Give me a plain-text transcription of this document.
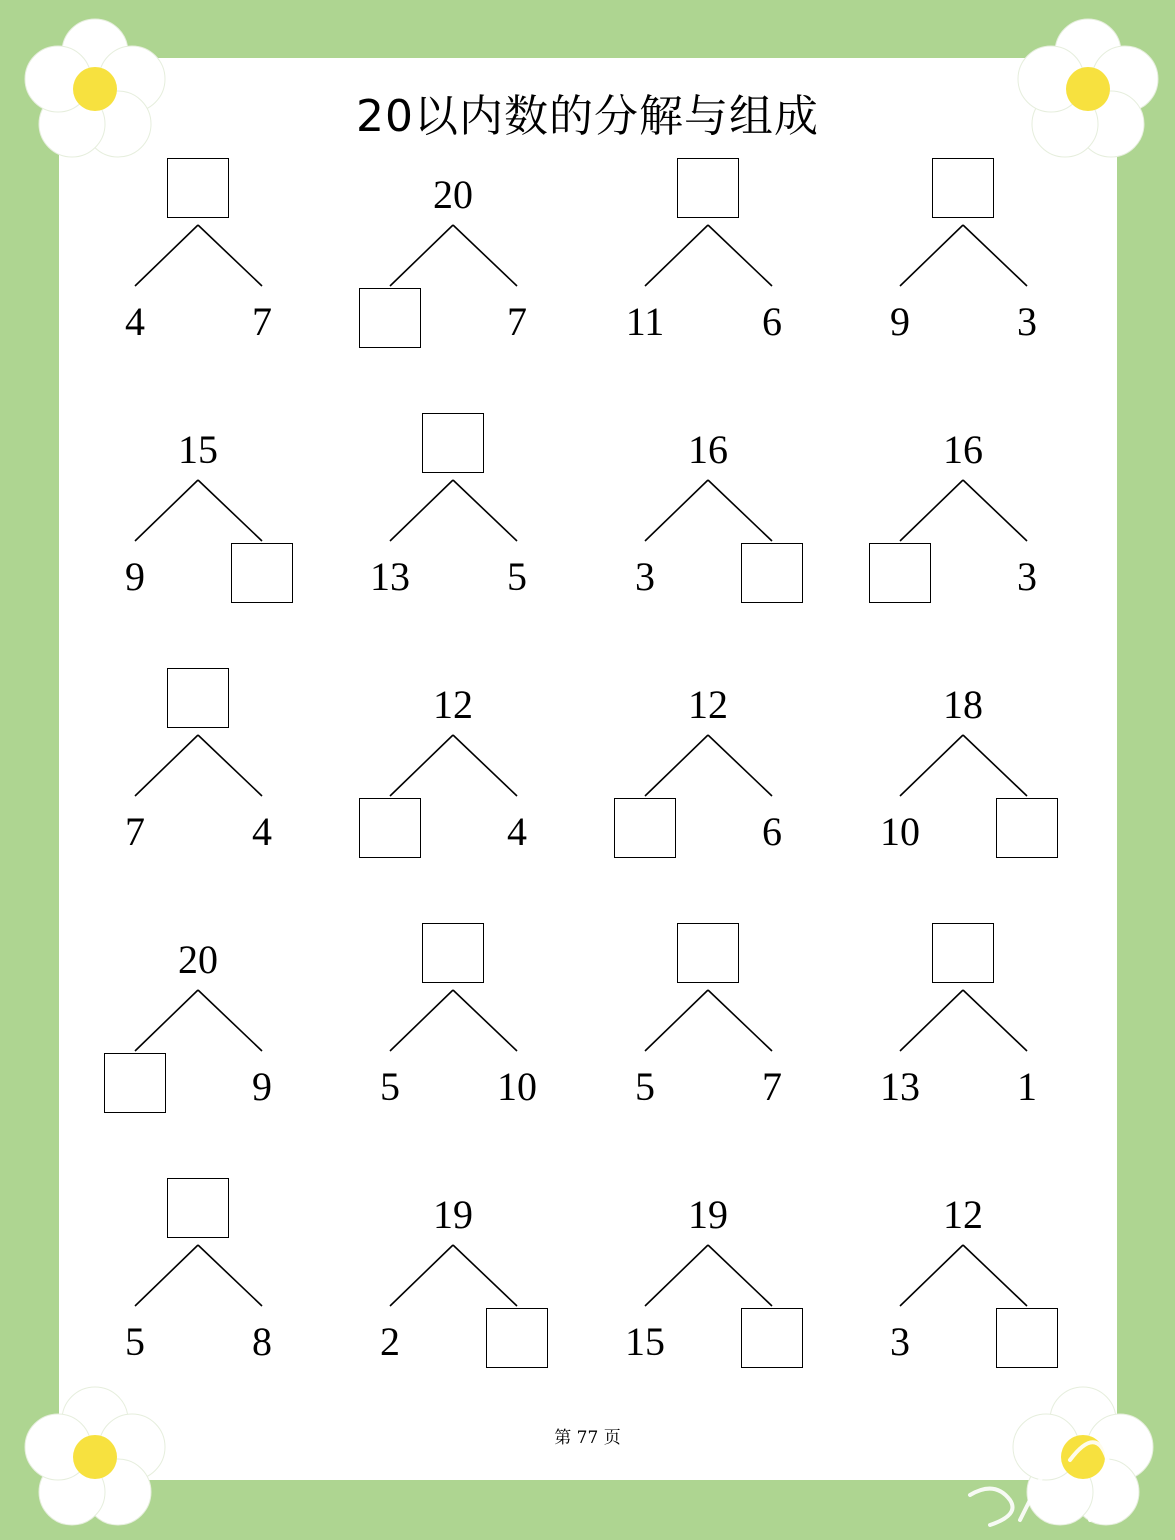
20以内数的分解与组成
4	7
20
7	11	6	9	3
15
9	13	5
16
3
16
3
7	4
12
4
12
6
18
10
20
9	5	10	5	7	13	1
5	8
19
2
19
15
12
3
第 77 页
